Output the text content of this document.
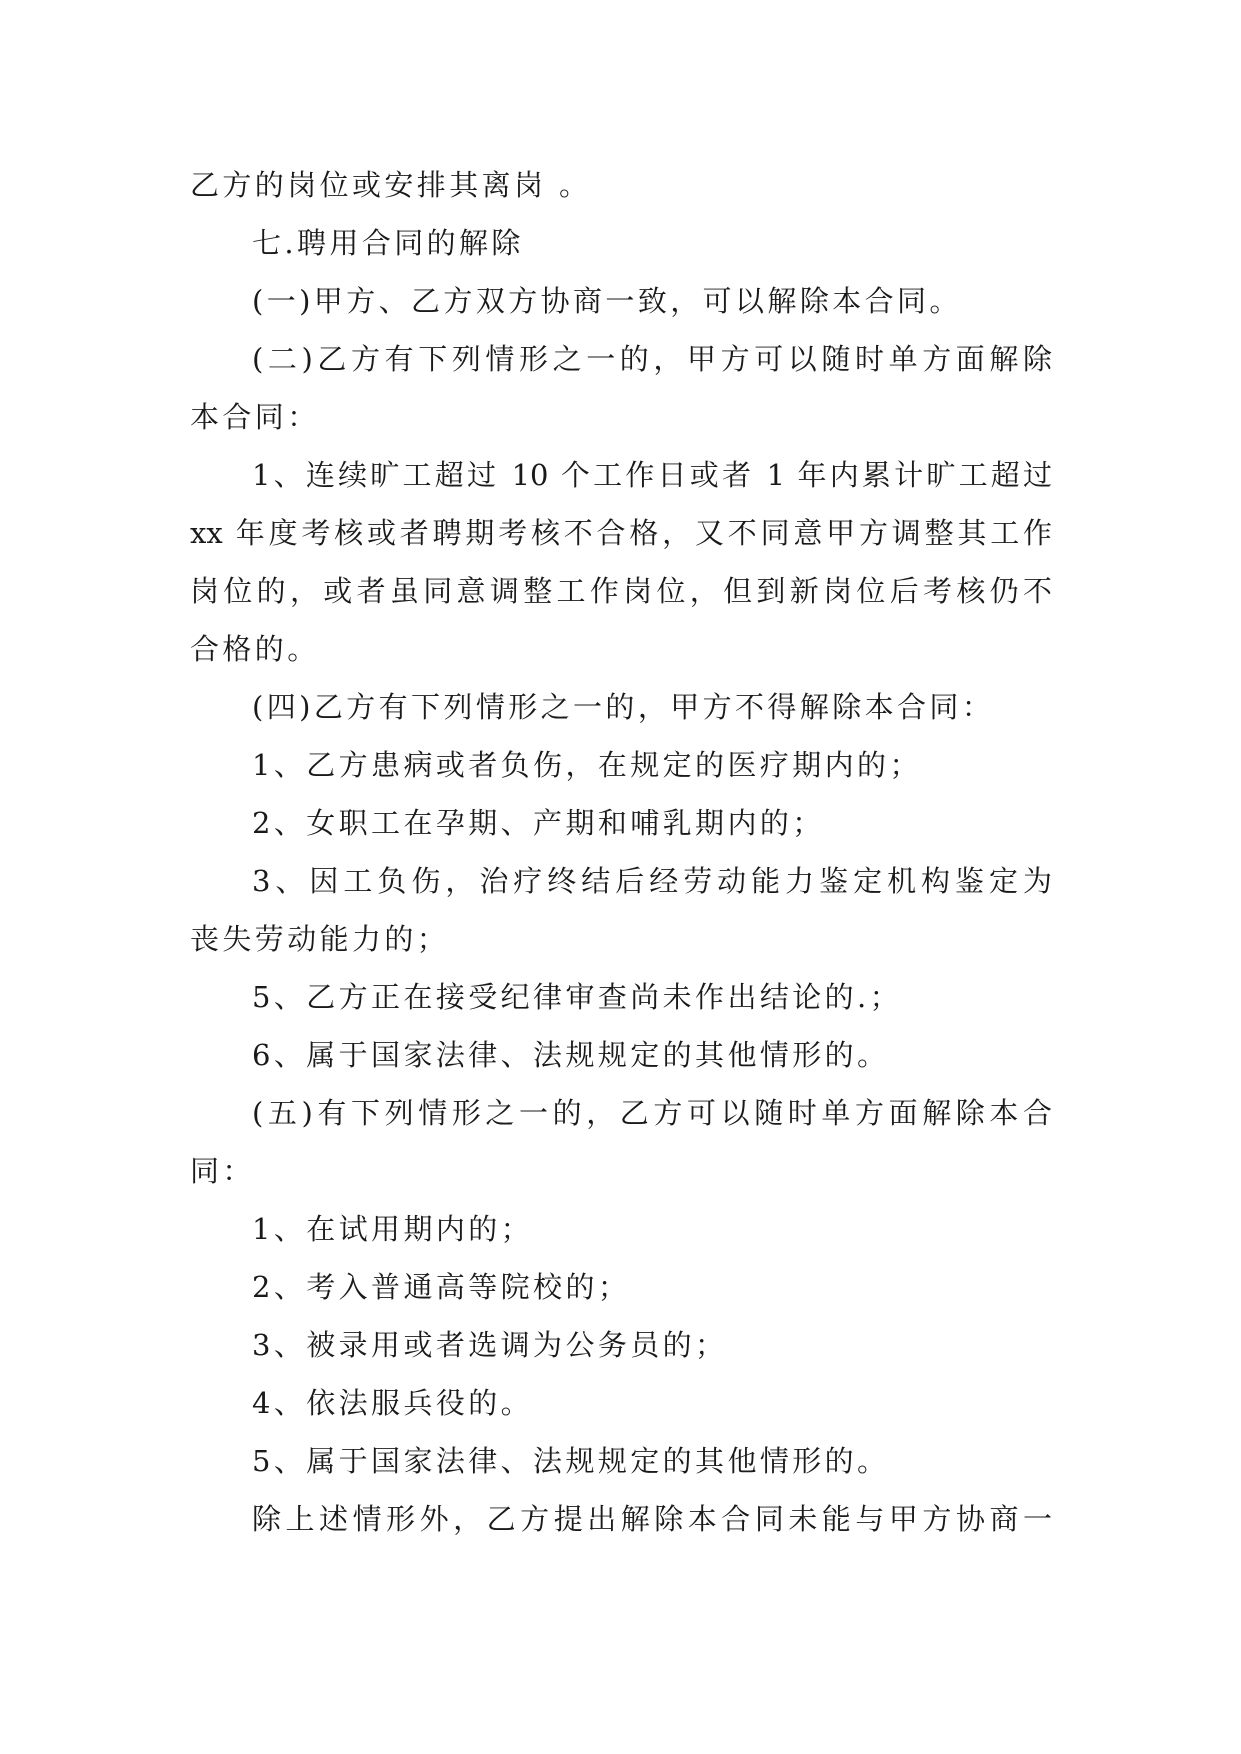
乙方的岗位或安排其离岗 。
七.聘用合同的解除
(一)甲方、乙方双方协商一致，可以解除本合同。
(二)乙方有下列情形之一的，甲方可以随时单方面解除
本合同：
1、连续旷工超过 10 个工作日或者 1 年内累计旷工超过
xx 年度考核或者聘期考核不合格，又不同意甲方调整其工作
岗位的，或者虽同意调整工作岗位，但到新岗位后考核仍不
合格的。
(四)乙方有下列情形之一的，甲方不得解除本合同：
1、乙方患病或者负伤，在规定的医疗期内的；
2、女职工在孕期、产期和哺乳期内的；
3、因工负伤，治疗终结后经劳动能力鉴定机构鉴定为
丧失劳动能力的；
5、乙方正在接受纪律审查尚未作出结论的.；
6、属于国家法律、法规规定的其他情形的。
(五)有下列情形之一的，乙方可以随时单方面解除本合
同：
1、在试用期内的；
2、考入普通高等院校的；
3、被录用或者选调为公务员的；
4、依法服兵役的。
5、属于国家法律、法规规定的其他情形的。
除上述情形外，乙方提出解除本合同未能与甲方协商一
